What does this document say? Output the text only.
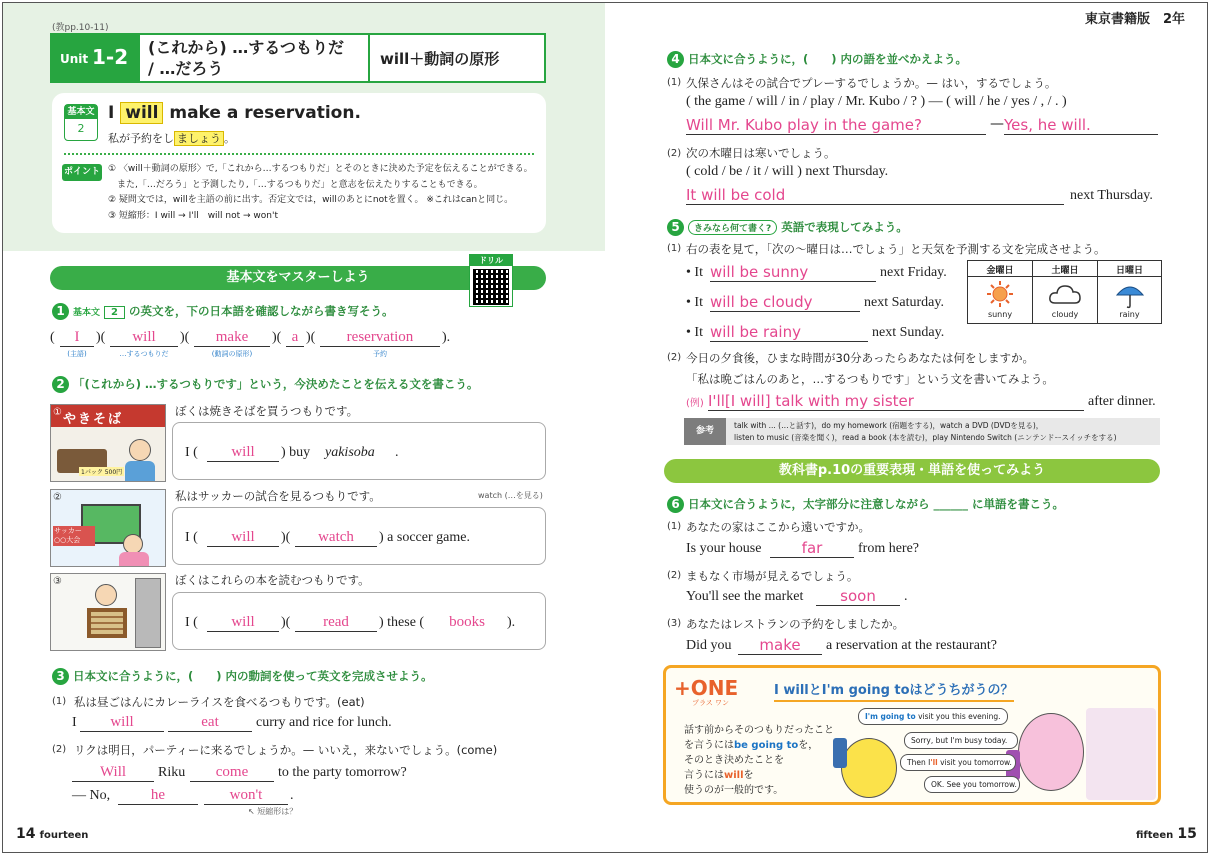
(教pp.10-11)
Unit 1-2 (これから) …するつもりだ
/ …だろう	will＋動詞の原形
基本文
2
I will make a reservation.
私が予約をし ましょう 。
ポイント ① 〈will＋動詞の原形〉で,「これから…するつもりだ」とそのときに決めた予定を伝えることができる。
　また,「…だろう」と予測したり,「…するつもりだ」と意志を伝えたりすることもできる。
② 疑問文では，willを主語の前に出す。否定文では，willのあとにnotを置く。 ※これはcanと同じ。
③ 短縮形：I will → I'll　will not → won't
基本文をマスターしよう
ドリル
1 基本文 2 の英文を，下の日本語を確認しながら書き写そう。
(	I	)(	will	)(	make	)( a )(	reservation	).
(主語)	…するつもりだ	(動詞の原形)	予約
2 「(これから) …するつもりです」という，今決めたことを伝える文を書こう。
やきそば
1パック 500円
①	ぼくは焼きそばを買うつもりです。
I (	will	) buy yakisoba .
サッカー ○○大会
②	私はサッカーの試合を見るつもりです。	watch (…を見る)
I (	will	)(	watch	) a soccer game.
③	ぼくはこれらの本を読むつもりです。
I (	will	)(	read	) these (	books	).
3 日本文に合うように，(　　) 内の動詞を使って英文を完成させよう。
(1) 私は昼ごはんにカレーライスを食べるつもりです。(eat)
I	will	eat	curry and rice for lunch.
(2) リクは明日，パーティーに来るでしょうか。— いいえ，来ないでしょう。(come)
Will	Riku	come	to the party tomorrow?
— No,	he	won't	.
↖ 短縮形は？
14 fourteen
東京書籍版　2年
4 日本文に合うように，(　　) 内の語を並べかえよう。
(1) 久保さんはその試合でプレーするでしょうか。— はい，するでしょう。
( the game / will / in / play / Mr. Kubo / ? ) — ( will / he / yes / , / . )
Will Mr. Kubo play in the game?	— Yes, he will.
(2) 次の木曜日は寒いでしょう。
( cold / be / it / will ) next Thursday.
It will be cold	next Thursday.
5 きみなら何て書く? 英語で表現してみよう。
(1) 右の表を見て，「次の〜曜日は…でしょう」と天気を予測する文を完成させよう。
• It will be sunny	next Friday.
• It will be cloudy	next Saturday.
• It will be rainy	next Sunday.
金曜日	土曜日	日曜日
sunny	cloudy	rainy
(2) 今日の夕食後，ひまな時間が30分あったらあなたは何をしますか。
「私は晩ごはんのあと，…するつもりです」という文を書いてみよう。
(例) I'll[I will] talk with my sister	after dinner.
参考
talk with ... (…と話す)，do my homework (宿題をする)，watch a DVD (DVDを見る)，
listen to music (音楽を聞く)，read a book (本を読む)，play Nintendo Switch (ニンテンドースイッチをする)
教科書p.10の重要表現・単語を使ってみよう
6 日本文に合うように，太字部分に注意しながら ______ に単語を書こう。
(1) あなたの家はここから遠いですか。
Is your house	far	from here?
(2) まもなく市場が見えるでしょう。
You'll see the market	soon	.
(3) あなたはレストランの予約をしましたか。
Did you	make	a reservation at the restaurant?
+ONE
プラス ワン
I willとI'm going toはどうちがうの？
話す前からそのつもりだったこと
を言うにはbe going toを，
そのとき決めたことを
言うにはwillを
使うのが一般的です。
I'm going to visit you this evening.
Sorry, but I'm busy today.
Then I'll visit you tomorrow.
OK. See you tomorrow.
fifteen 15
